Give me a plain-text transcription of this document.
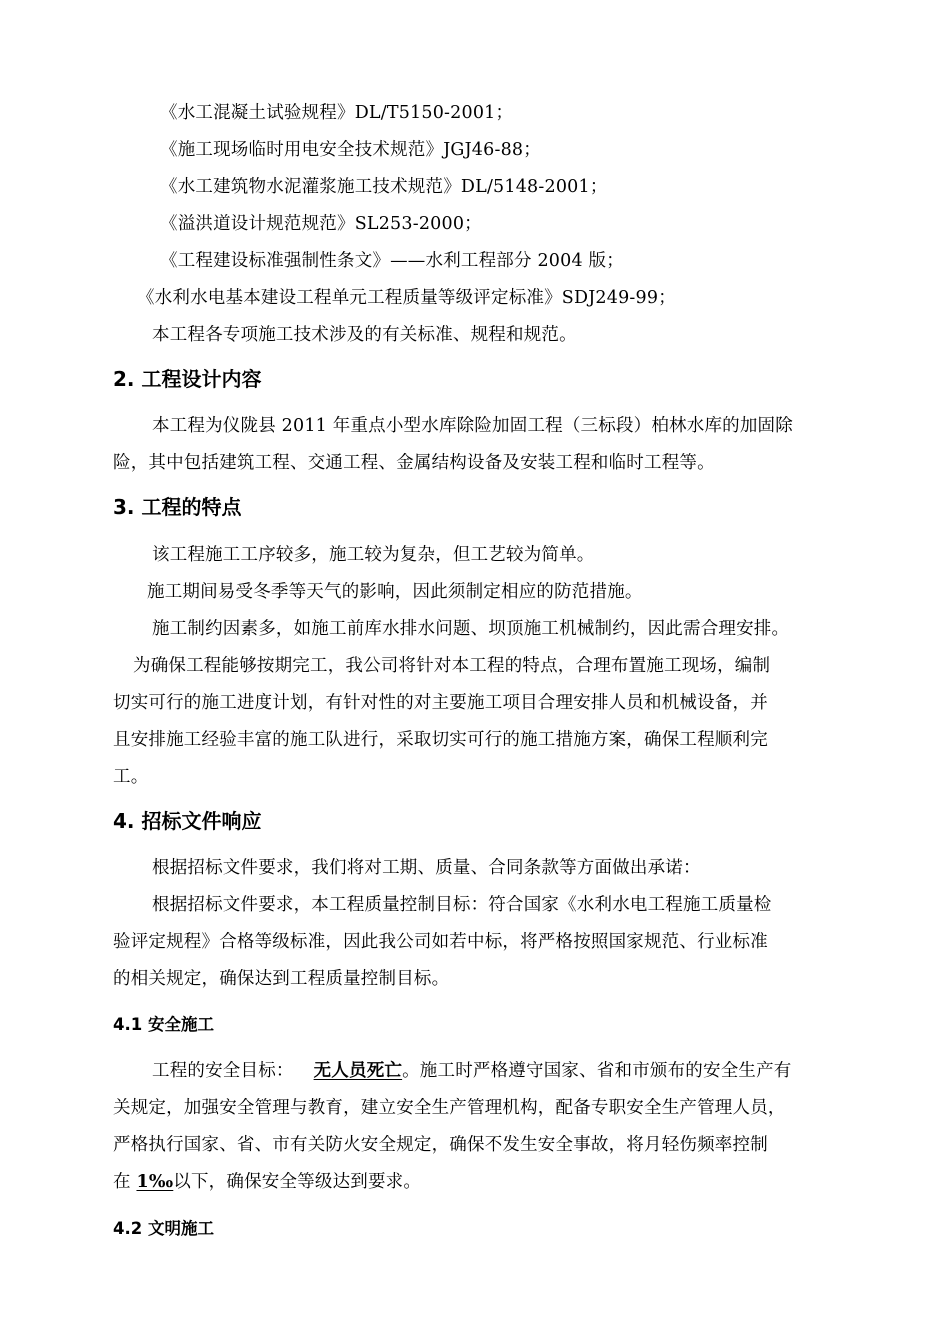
《水工混凝土试验规程》DL/T5150-2001；
《施工现场临时用电安全技术规范》JGJ46-88；
《水工建筑物水泥灌浆施工技术规范》DL/5148-2001；
《溢洪道设计规范规范》SL253-2000；
《工程建设标准强制性条文》——水利工程部分 2004 版；
《水利水电基本建设工程单元工程质量等级评定标准》SDJ249-99；
本工程各专项施工技术涉及的有关标准、规程和规范。
2. 工程设计内容
本工程为仪陇县 2011 年重点小型水库除险加固工程（三标段）柏林水库的加固除
险，其中包括建筑工程、交通工程、金属结构设备及安装工程和临时工程等。
3. 工程的特点
该工程施工工序较多，施工较为复杂，但工艺较为简单。
施工期间易受冬季等天气的影响，因此须制定相应的防范措施。
施工制约因素多，如施工前库水排水问题、坝顶施工机械制约，因此需合理安排。
为确保工程能够按期完工，我公司将针对本工程的特点，合理布置施工现场，编制
切实可行的施工进度计划，有针对性的对主要施工项目合理安排人员和机械设备，并
且安排施工经验丰富的施工队进行，采取切实可行的施工措施方案，确保工程顺利完
工。
4. 招标文件响应
根据招标文件要求，我们将对工期、质量、合同条款等方面做出承诺：
根据招标文件要求，本工程质量控制目标：符合国家《水利水电工程施工质量检
验评定规程》合格等级标准，因此我公司如若中标，将严格按照国家规范、行业标准
的相关规定，确保达到工程质量控制目标。
4.1 安全施工
工程的安全目标： 无人员死亡。施工时严格遵守国家、省和市颁布的安全生产有
关规定，加强安全管理与教育，建立安全生产管理机构，配备专职安全生产管理人员，
严格执行国家、省、市有关防火安全规定，确保不发生安全事故，将月轻伤频率控制
在 1‰以下，确保安全等级达到要求。
4.2 文明施工
